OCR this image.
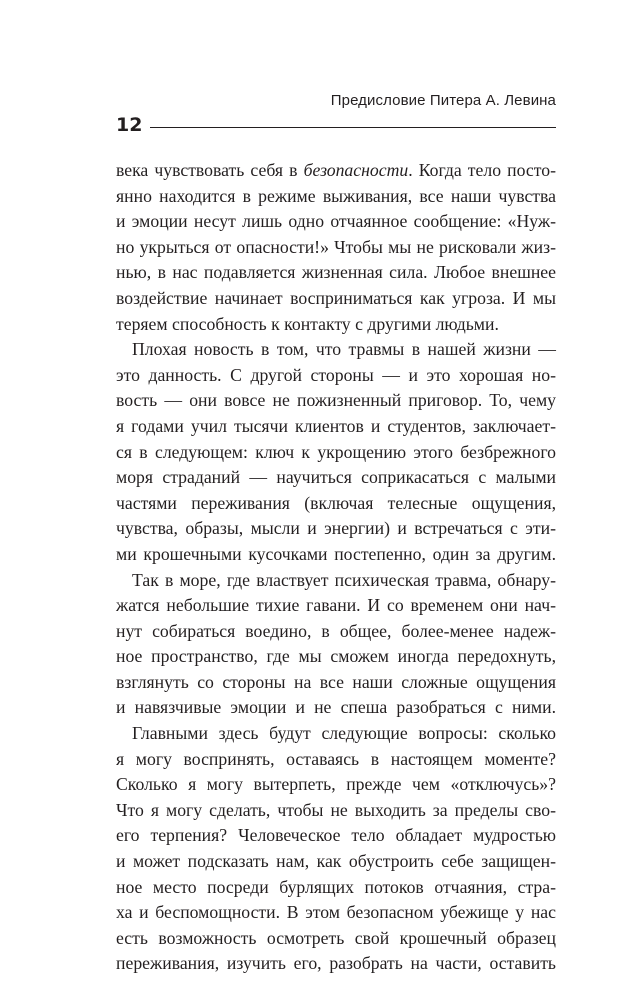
Предисловие Питера А. Левина
12
века чувствовать себя в безопасности. Когда тело посто-
янно находится в режиме выживания, все наши чувства
и эмоции несут лишь одно отчаянное сообщение: «Нуж-
но укрыться от опасности!» Чтобы мы не рисковали жиз-
нью, в нас подавляется жизненная сила. Любое внешнее
воздействие начинает восприниматься как угроза. И мы
теряем способность к контакту с другими людьми.
Плохая новость в том, что травмы в нашей жизни —
это данность. С другой стороны — и это хорошая но-
вость — они вовсе не пожизненный приговор. То, чему
я годами учил тысячи клиентов и студентов, заключает-
ся в следующем: ключ к укрощению этого безбрежного
моря страданий — научиться соприкасаться с малыми
частями переживания (включая телесные ощущения,
чувства, образы, мысли и энергии) и встречаться с эти-
ми крошечными кусочками постепенно, один за другим.
Так в море, где властвует психическая травма, обнару-
жатся небольшие тихие гавани. И со временем они нач-
нут собираться воедино, в общее, более-менее надеж-
ное пространство, где мы сможем иногда передохнуть,
взглянуть со стороны на все наши сложные ощущения
и навязчивые эмоции и не спеша разобраться с ними.
Главными здесь будут следующие вопросы: сколько
я могу воспринять, оставаясь в настоящем моменте?
Сколько я могу вытерпеть, прежде чем «отключусь»?
Что я могу сделать, чтобы не выходить за пределы сво-
его терпения? Человеческое тело обладает мудростью
и может подсказать нам, как обустроить себе защищен-
ное место посреди бурлящих потоков отчаяния, стра-
ха и беспомощности. В этом безопасном убежище у нас
есть возможность осмотреть свой крошечный образец
переживания, изучить его, разобрать на части, оставить
